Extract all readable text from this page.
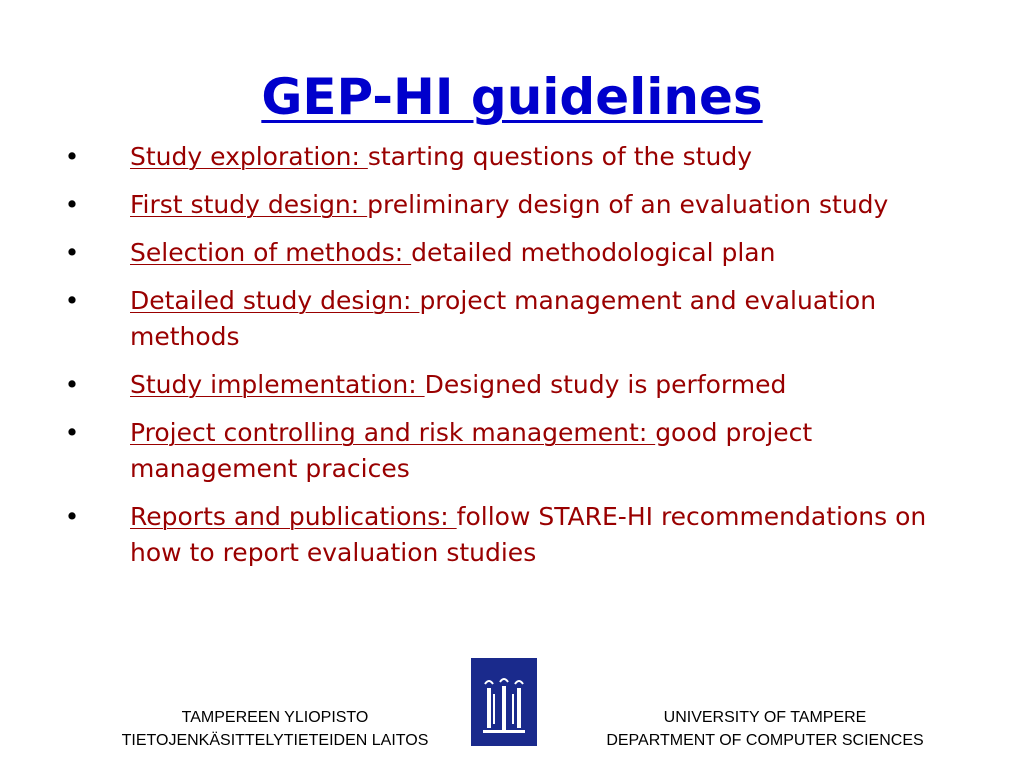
GEP-HI guidelines
• Study exploration: starting questions of the study
• First study design: preliminary design of an evaluation study
• Selection of methods: detailed methodological plan
• Detailed study design: project management and evaluation methods
• Study implementation: Designed study is performed
• Project controlling and risk management: good project management pracices
• Reports and publications: follow STARE-HI recommendations on how to report evaluation studies
TAMPEREEN YLIOPISTO
TIETOJENKÄSITTELYTIETEIDEN LAITOS
UNIVERSITY OF TAMPERE
DEPARTMENT OF COMPUTER SCIENCES
